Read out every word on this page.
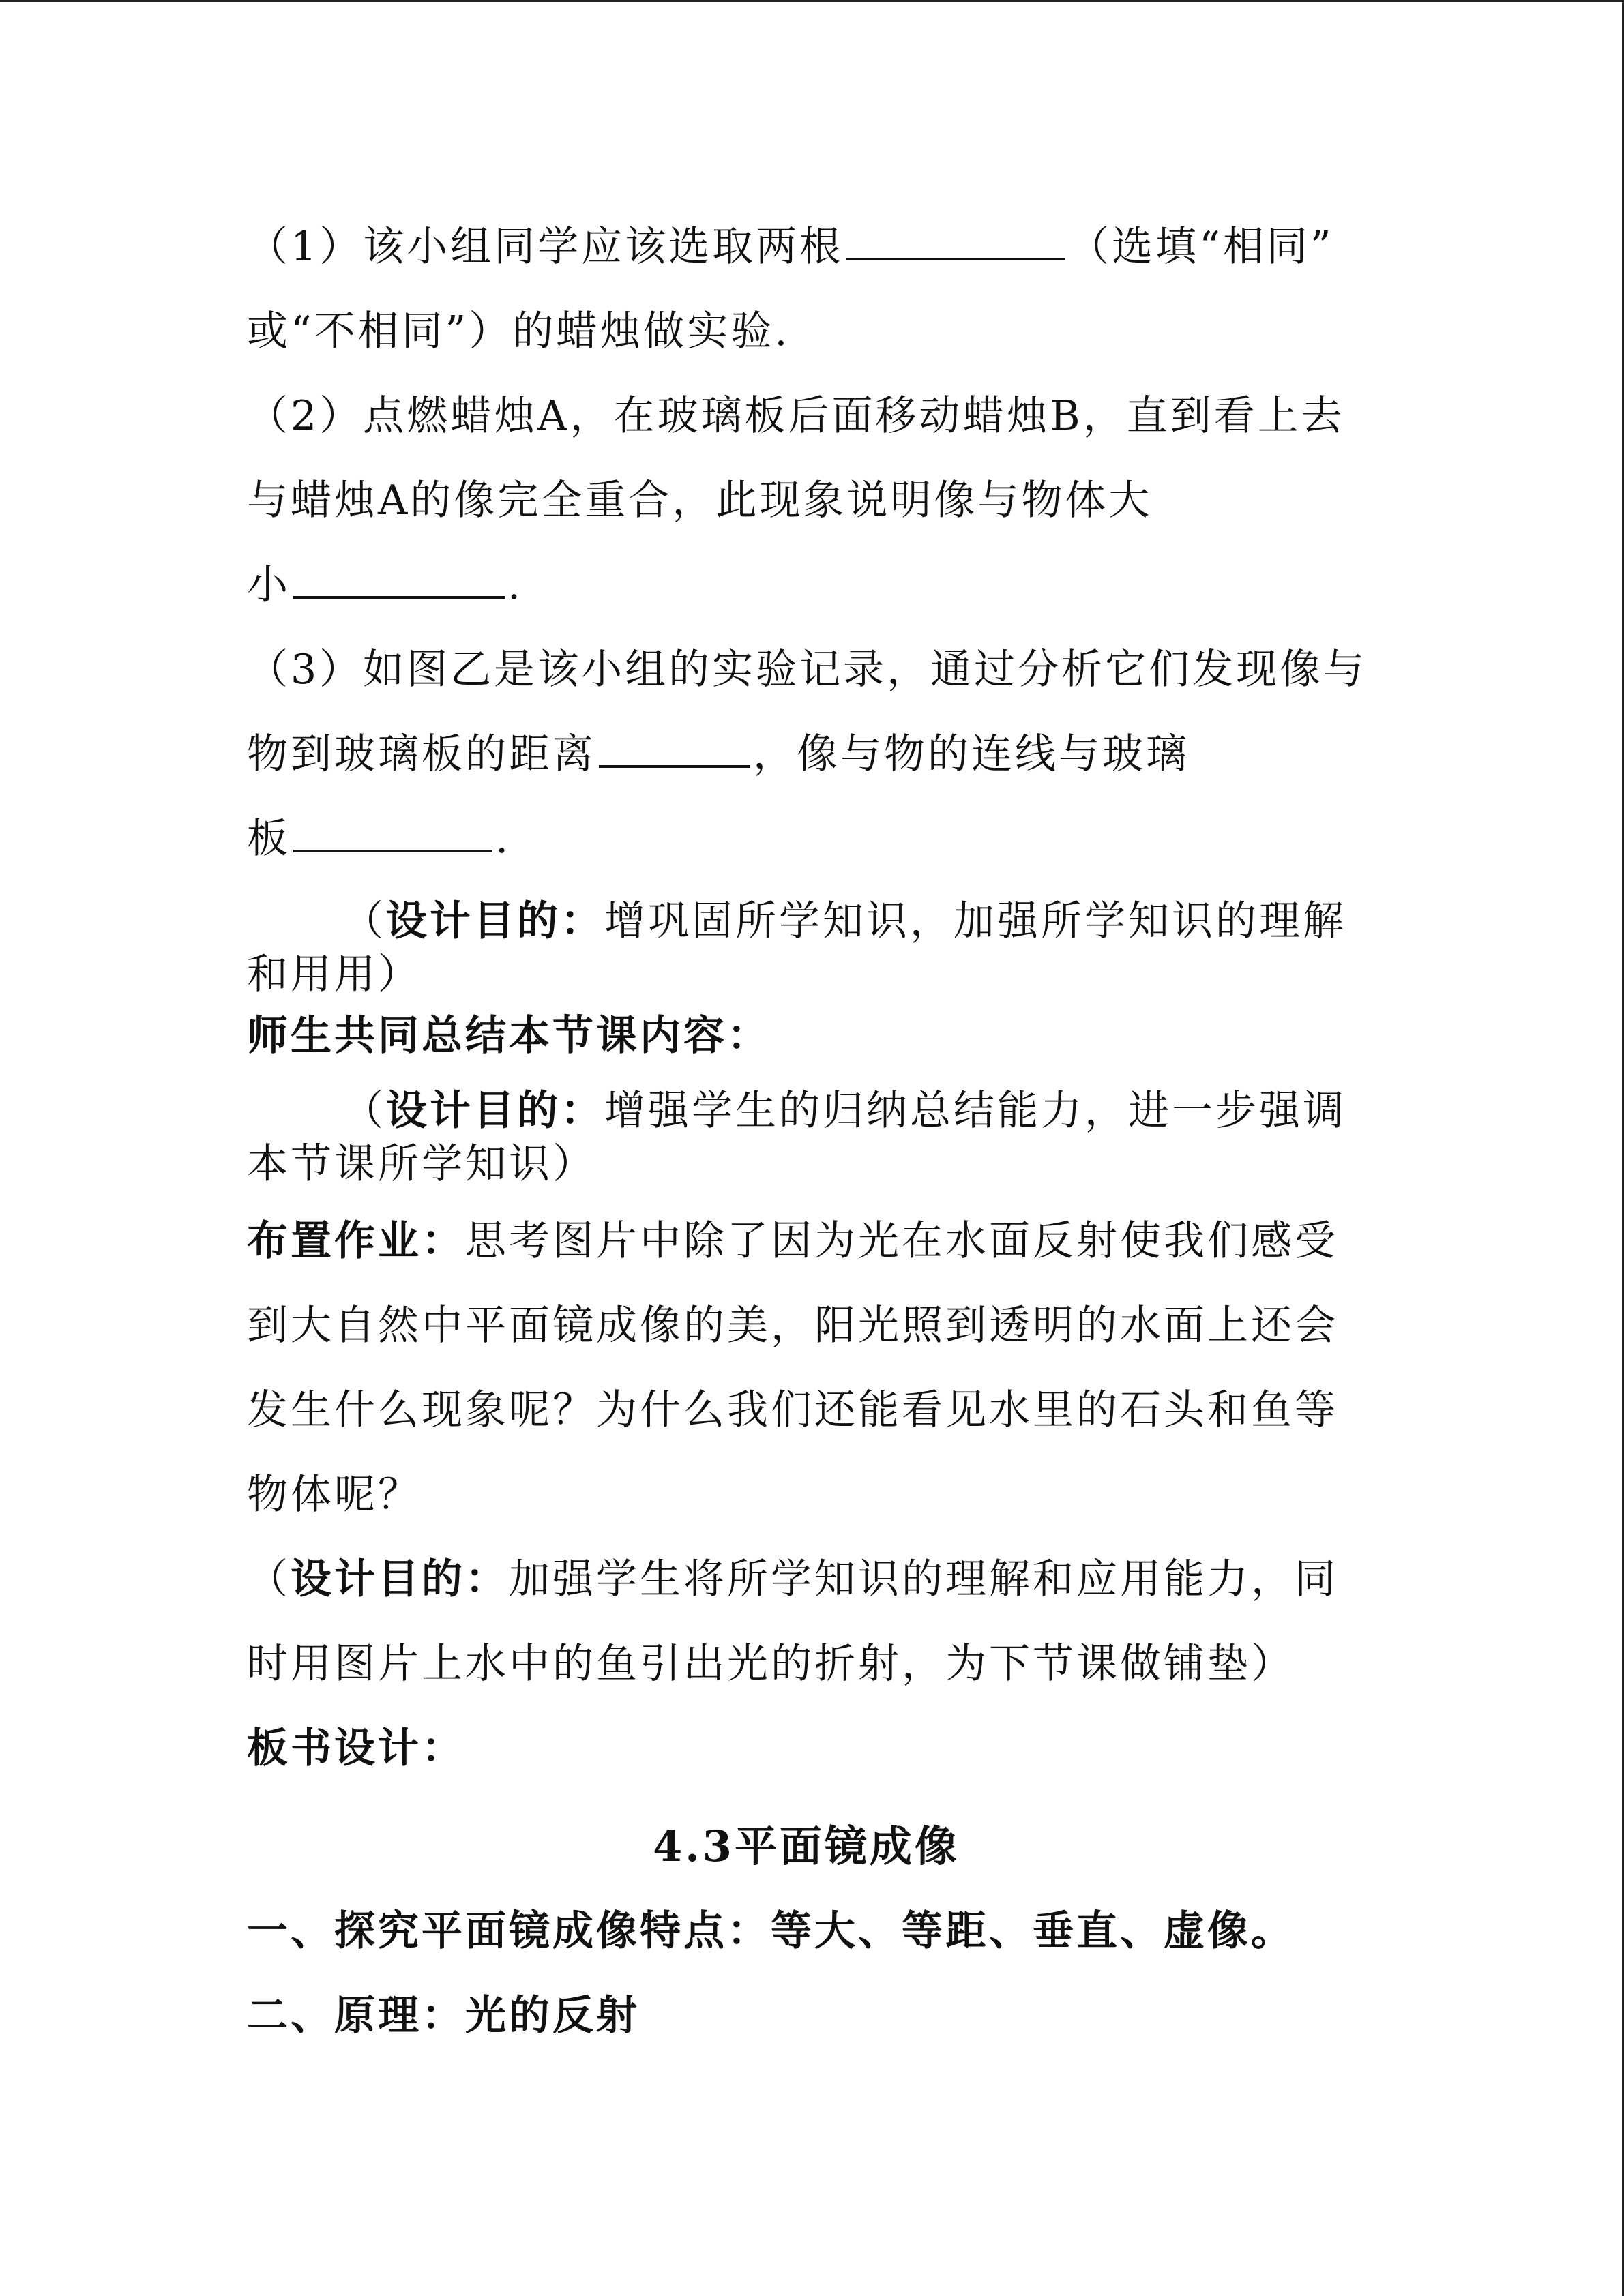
（1）该小组同学应该选取两根	（选填“相同”
或“不相同”）的蜡烛做实验.
（2）点燃蜡烛A，在玻璃板后面移动蜡烛B，直到看上去
与蜡烛A的像完全重合，此现象说明像与物体大
小	.
（3）如图乙是该小组的实验记录，通过分析它们发现像与
物到玻璃板的距离	，像与物的连线与玻璃
板	.
（设计目的：增巩固所学知识，加强所学知识的理解
和用用）
师生共同总结本节课内容：
（设计目的：增强学生的归纳总结能力，进一步强调
本节课所学知识）
布置作业：思考图片中除了因为光在水面反射使我们感受
到大自然中平面镜成像的美，阳光照到透明的水面上还会
发生什么现象呢？为什么我们还能看见水里的石头和鱼等
物体呢？
（设计目的：加强学生将所学知识的理解和应用能力，同
时用图片上水中的鱼引出光的折射，为下节课做铺垫）
板书设计：
4.3平面镜成像
一、探究平面镜成像特点：等大、等距、垂直、虚像。
二、原理：光的反射
